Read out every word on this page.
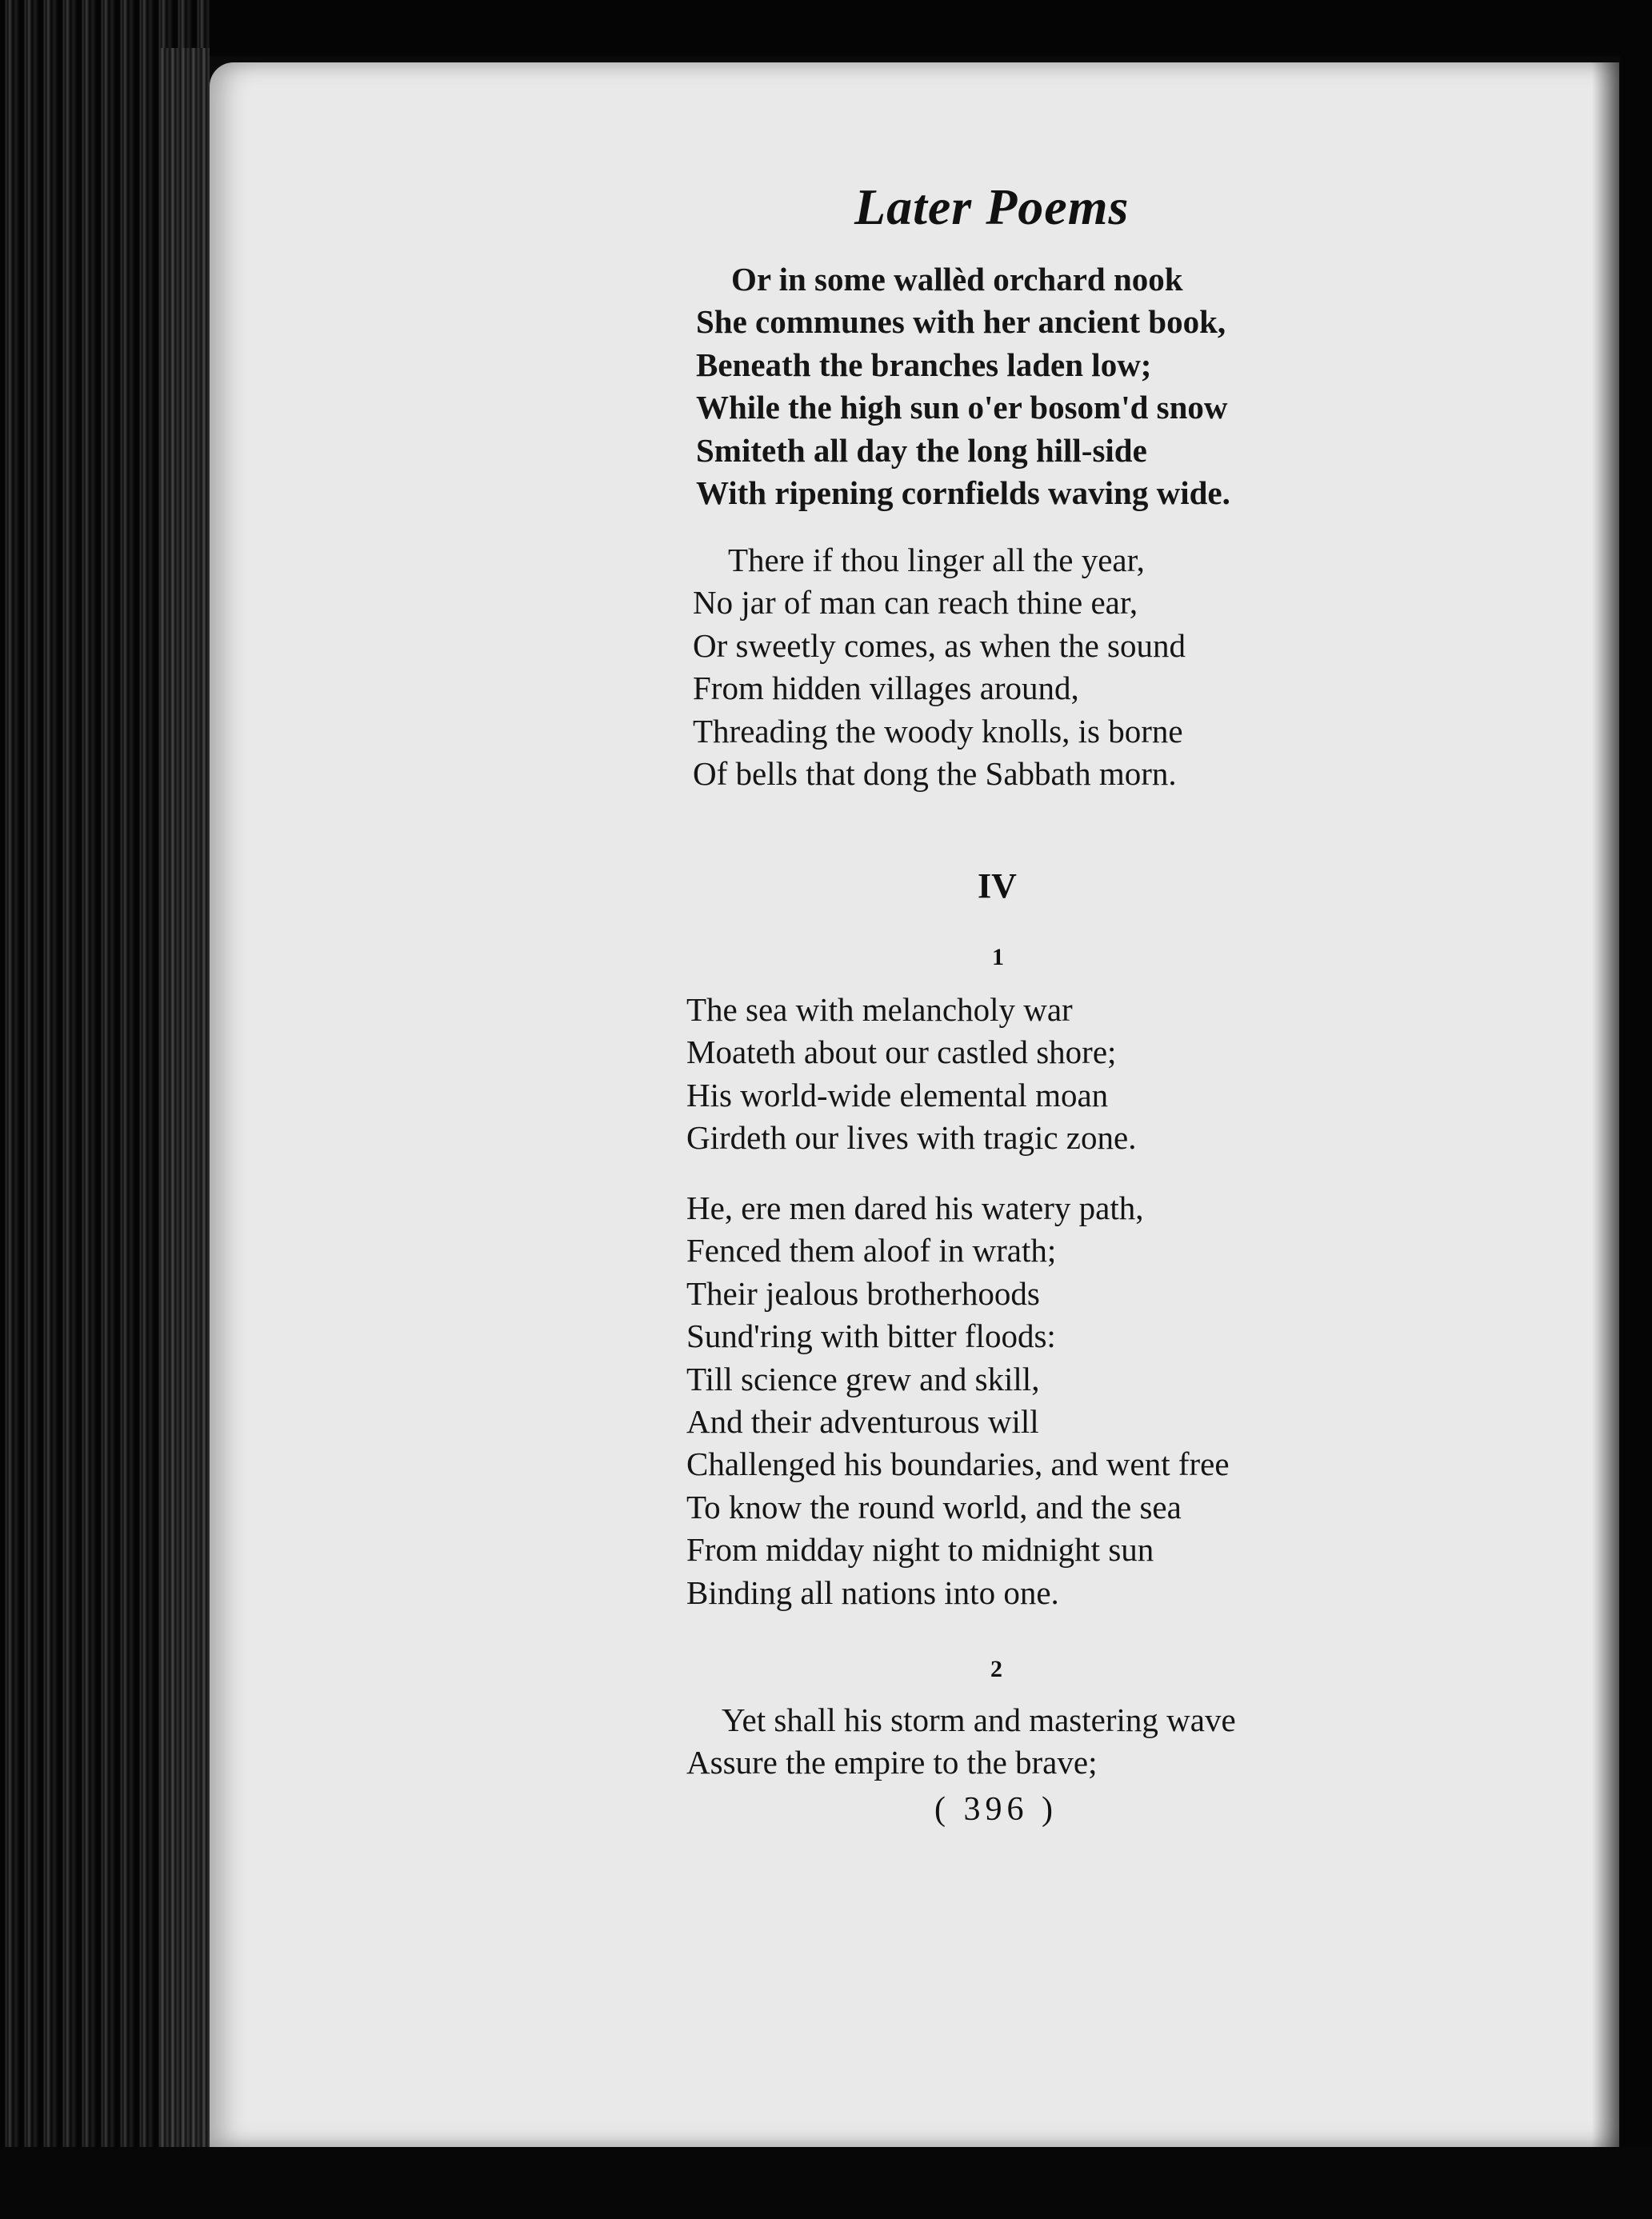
Later Poems
Or in some wallèd orchard nook
She communes with her ancient book,
Beneath the branches laden low;
While the high sun o'er bosom'd snow
Smiteth all day the long hill-side
With ripening cornfields waving wide.
There if thou linger all the year,
No jar of man can reach thine ear,
Or sweetly comes, as when the sound
From hidden villages around,
Threading the woody knolls, is borne
Of bells that dong the Sabbath morn.
IV
1
The sea with melancholy war
Moateth about our castled shore;
His world-wide elemental moan
Girdeth our lives with tragic zone.
He, ere men dared his watery path,
Fenced them aloof in wrath;
Their jealous brotherhoods
Sund'ring with bitter floods:
Till science grew and skill,
And their adventurous will
Challenged his boundaries, and went free
To know the round world, and the sea
From midday night to midnight sun
Binding all nations into one.
2
Yet shall his storm and mastering wave
Assure the empire to the brave;
( 396 )
